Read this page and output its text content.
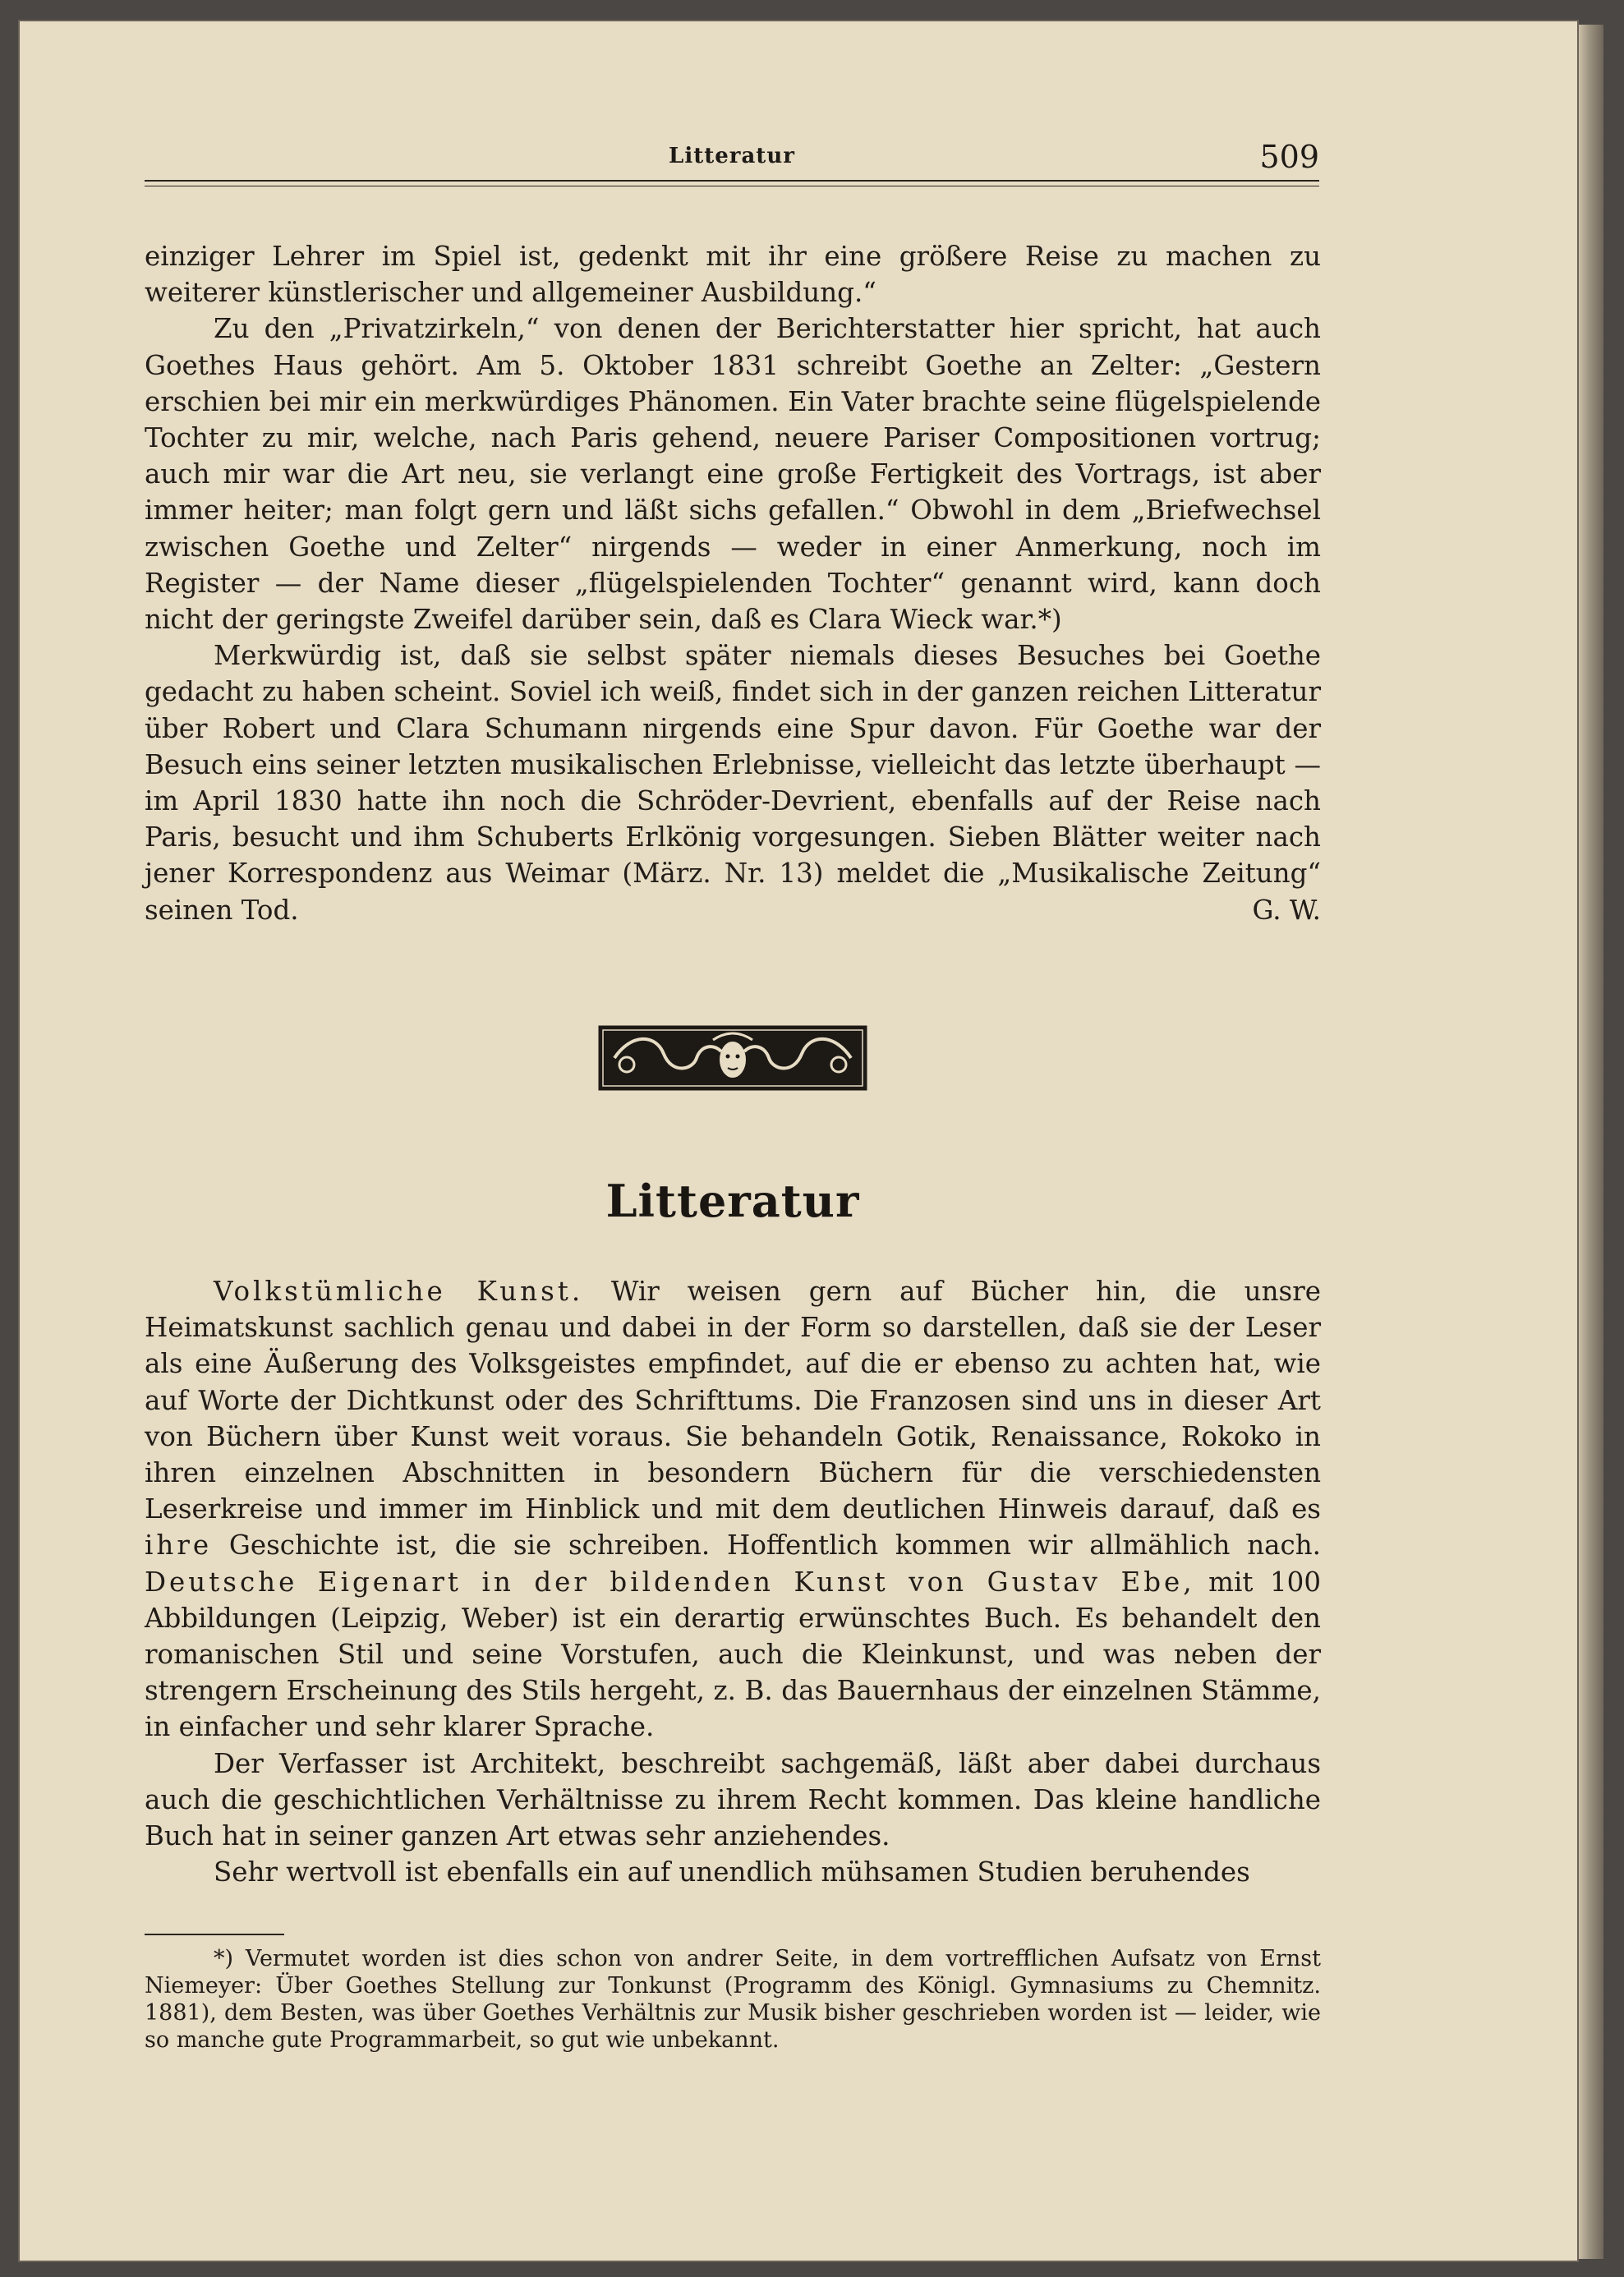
Litteratur	509

einziger Lehrer im Spiel ist, gedenkt mit ihr eine größere Reise zu machen zu weiterer künstlerischer und allgemeiner Ausbildung.“

Zu den „Privatzirkeln,“ von denen der Berichterstatter hier spricht, hat auch Goethes Haus gehört. Am 5. Oktober 1831 schreibt Goethe an Zelter: „Gestern erschien bei mir ein merkwürdiges Phänomen. Ein Vater brachte seine flügelspielende Tochter zu mir, welche, nach Paris gehend, neuere Pariser Compositionen vortrug; auch mir war die Art neu, sie verlangt eine große Fertigkeit des Vortrags, ist aber immer heiter; man folgt gern und läßt sichs gefallen.“ Obwohl in dem „Briefwechsel zwischen Goethe und Zelter“ nirgends — weder in einer Anmerkung, noch im Register — der Name dieser „flügelspielenden Tochter“ genannt wird, kann doch nicht der geringste Zweifel darüber sein, daß es Clara Wieck war.*)

Merkwürdig ist, daß sie selbst später niemals dieses Besuches bei Goethe gedacht zu haben scheint. Soviel ich weiß, findet sich in der ganzen reichen Litteratur über Robert und Clara Schumann nirgends eine Spur davon. Für Goethe war der Besuch eins seiner letzten musikalischen Erlebnisse, vielleicht das letzte überhaupt — im April 1830 hatte ihn noch die Schröder-Devrient, ebenfalls auf der Reise nach Paris, besucht und ihm Schuberts Erlkönig vorgesungen. Sieben Blätter weiter nach jener Korrespondenz aus Weimar (März. Nr. 13) meldet die „Musikalische Zeitung“ seinen Tod.	G. W.

Litteratur

Volkstümliche Kunst. Wir weisen gern auf Bücher hin, die unsre Heimatskunst sachlich genau und dabei in der Form so darstellen, daß sie der Leser als eine Äußerung des Volksgeistes empfindet, auf die er ebenso zu achten hat, wie auf Worte der Dichtkunst oder des Schrifttums. Die Franzosen sind uns in dieser Art von Büchern über Kunst weit voraus. Sie behandeln Gotik, Renaissance, Rokoko in ihren einzelnen Abschnitten in besondern Büchern für die verschiedensten Leserkreise und immer im Hinblick und mit dem deutlichen Hinweis darauf, daß es ihre Geschichte ist, die sie schreiben. Hoffentlich kommen wir allmählich nach. Deutsche Eigenart in der bildenden Kunst von Gustav Ebe, mit 100 Abbildungen (Leipzig, Weber) ist ein derartig erwünschtes Buch. Es behandelt den romanischen Stil und seine Vorstufen, auch die Kleinkunst, und was neben der strengern Erscheinung des Stils hergeht, z. B. das Bauernhaus der einzelnen Stämme, in einfacher und sehr klarer Sprache.

Der Verfasser ist Architekt, beschreibt sachgemäß, läßt aber dabei durchaus auch die geschichtlichen Verhältnisse zu ihrem Recht kommen. Das kleine handliche Buch hat in seiner ganzen Art etwas sehr anziehendes.

Sehr wertvoll ist ebenfalls ein auf unendlich mühsamen Studien beruhendes

*) Vermutet worden ist dies schon von andrer Seite, in dem vortrefflichen Aufsatz von Ernst Niemeyer: Über Goethes Stellung zur Tonkunst (Programm des Königl. Gymnasiums zu Chemnitz. 1881), dem Besten, was über Goethes Verhältnis zur Musik bisher geschrieben worden ist — leider, wie so manche gute Programmarbeit, so gut wie unbekannt.
